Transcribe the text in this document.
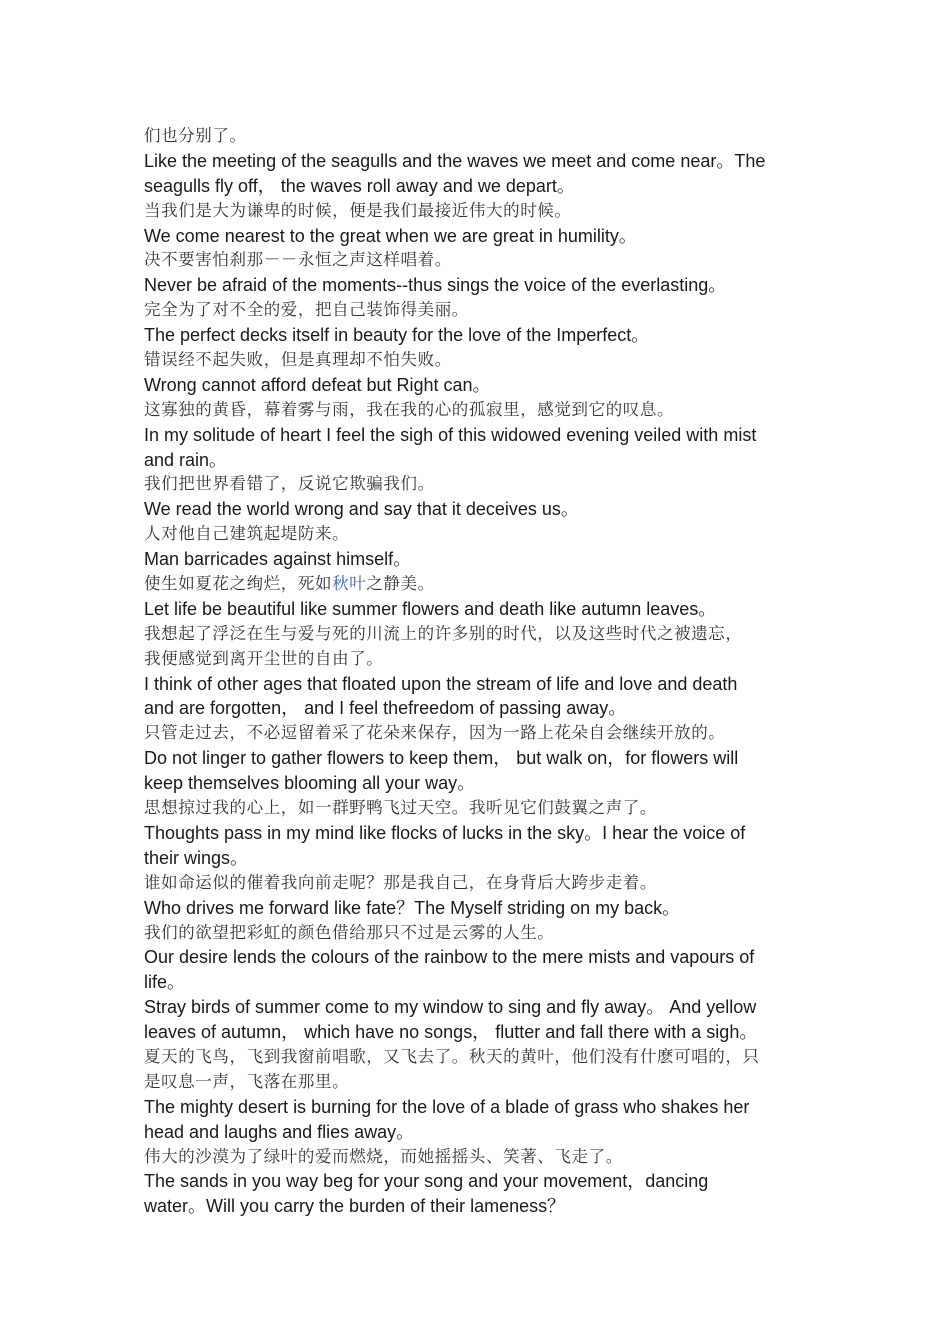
们也分别了。
Like the meeting of the seagulls and the waves we meet and come near。The
seagulls fly off， the waves roll away and we depart。
当我们是大为谦卑的时候，便是我们最接近伟大的时候。
We come nearest to the great when we are great in humility。
决不要害怕刹那－－永恒之声这样唱着。
Never be afraid of the moments--thus sings the voice of the everlasting。
完全为了对不全的爱，把自己装饰得美丽。
The perfect decks itself in beauty for the love of the Imperfect。
错误经不起失败，但是真理却不怕失败。
Wrong cannot afford defeat but Right can。
这寡独的黄昏，幕着雾与雨，我在我的心的孤寂里，感觉到它的叹息。
In my solitude of heart I feel the sigh of this widowed evening veiled with mist
and rain。
我们把世界看错了，反说它欺骗我们。
We read the world wrong and say that it deceives us。
人对他自己建筑起堤防来。
Man barricades against himself。
使生如夏花之绚烂，死如秋叶之静美。
Let life be beautiful like summer flowers and death like autumn leaves。
我想起了浮泛在生与爱与死的川流上的许多别的时代，以及这些时代之被遗忘，
我便感觉到离开尘世的自由了。
I think of other ages that floated upon the stream of life and love and death
and are forgotten， and I feel thefreedom of passing away。
只管走过去，不必逗留着采了花朵来保存，因为一路上花朵自会继续开放的。
Do not linger to gather flowers to keep them， but walk on，for flowers will
keep themselves blooming all your way。
思想掠过我的心上，如一群野鸭飞过天空。我听见它们鼓翼之声了。
Thoughts pass in my mind like flocks of lucks in the sky。I hear the voice of
their wings。
谁如命运似的催着我向前走呢？那是我自己，在身背后大跨步走着。
Who drives me forward like fate？The Myself striding on my back。
我们的欲望把彩虹的颜色借给那只不过是云雾的人生。
Our desire lends the colours of the rainbow to the mere mists and vapours of
life。
Stray birds of summer come to my window to sing and fly away。 And yellow
leaves of autumn， which have no songs， flutter and fall there with a sigh。
夏天的飞鸟，飞到我窗前唱歌，又飞去了。秋天的黄叶，他们没有什麽可唱的，只
是叹息一声，飞落在那里。
The mighty desert is burning for the love of a blade of grass who shakes her
head and laughs and flies away。
伟大的沙漠为了绿叶的爱而燃烧，而她摇摇头、笑著、飞走了。
The sands in you way beg for your song and your movement，dancing
water。Will you carry the burden of their lameness？
